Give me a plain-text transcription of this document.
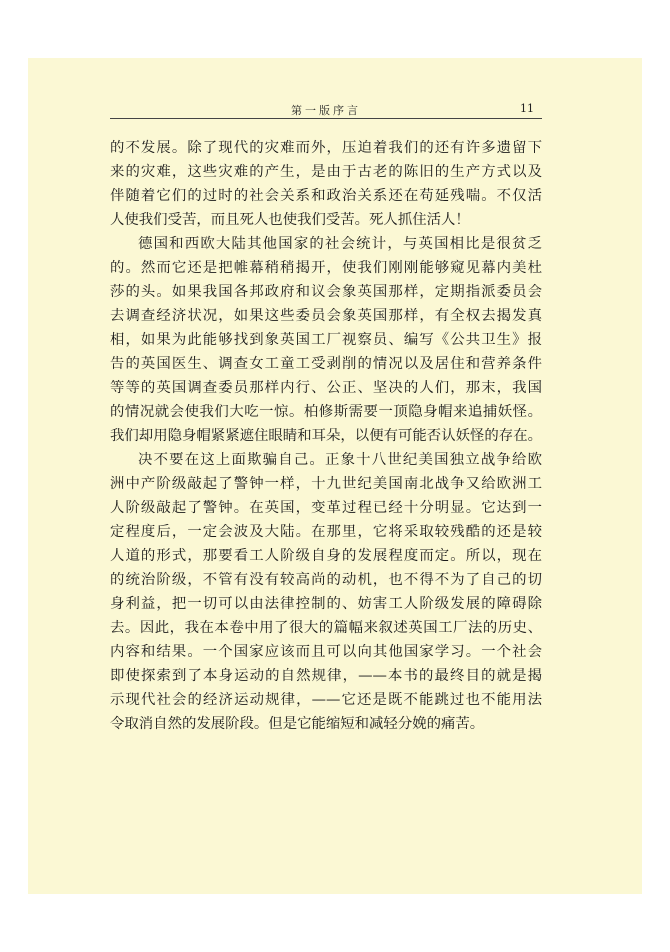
第一版序言	11

的不发展。除了现代的灾难而外，压迫着我们的还有许多遗留下

来的灾难，这些灾难的产生，是由于古老的陈旧的生产方式以及

伴随着它们的过时的社会关系和政治关系还在苟延残喘。不仅活

人使我们受苦，而且死人也使我们受苦。死人抓住活人！

德国和西欧大陆其他国家的社会统计，与英国相比是很贫乏

的。然而它还是把帷幕稍稍揭开，使我们刚刚能够窥见幕内美杜

莎的头。如果我国各邦政府和议会象英国那样，定期指派委员会

去调查经济状况，如果这些委员会象英国那样，有全权去揭发真

相，如果为此能够找到象英国工厂视察员、编写《公共卫生》报

告的英国医生、调查女工童工受剥削的情况以及居住和营养条件

等等的英国调查委员那样内行、公正、坚决的人们，那末，我国

的情况就会使我们大吃一惊。柏修斯需要一顶隐身帽来追捕妖怪。

我们却用隐身帽紧紧遮住眼睛和耳朵，以便有可能否认妖怪的存在。

决不要在这上面欺骗自己。正象十八世纪美国独立战争给欧

洲中产阶级敲起了警钟一样，十九世纪美国南北战争又给欧洲工

人阶级敲起了警钟。在英国，变革过程已经十分明显。它达到一

定程度后，一定会波及大陆。在那里，它将采取较残酷的还是较

人道的形式，那要看工人阶级自身的发展程度而定。所以，现在

的统治阶级，不管有没有较高尚的动机，也不得不为了自己的切

身利益，把一切可以由法律控制的、妨害工人阶级发展的障碍除

去。因此，我在本卷中用了很大的篇幅来叙述英国工厂法的历史、

内容和结果。一个国家应该而且可以向其他国家学习。一个社会

即使探索到了本身运动的自然规律，——本书的最终目的就是揭

示现代社会的经济运动规律，——它还是既不能跳过也不能用法

令取消自然的发展阶段。但是它能缩短和减轻分娩的痛苦。
